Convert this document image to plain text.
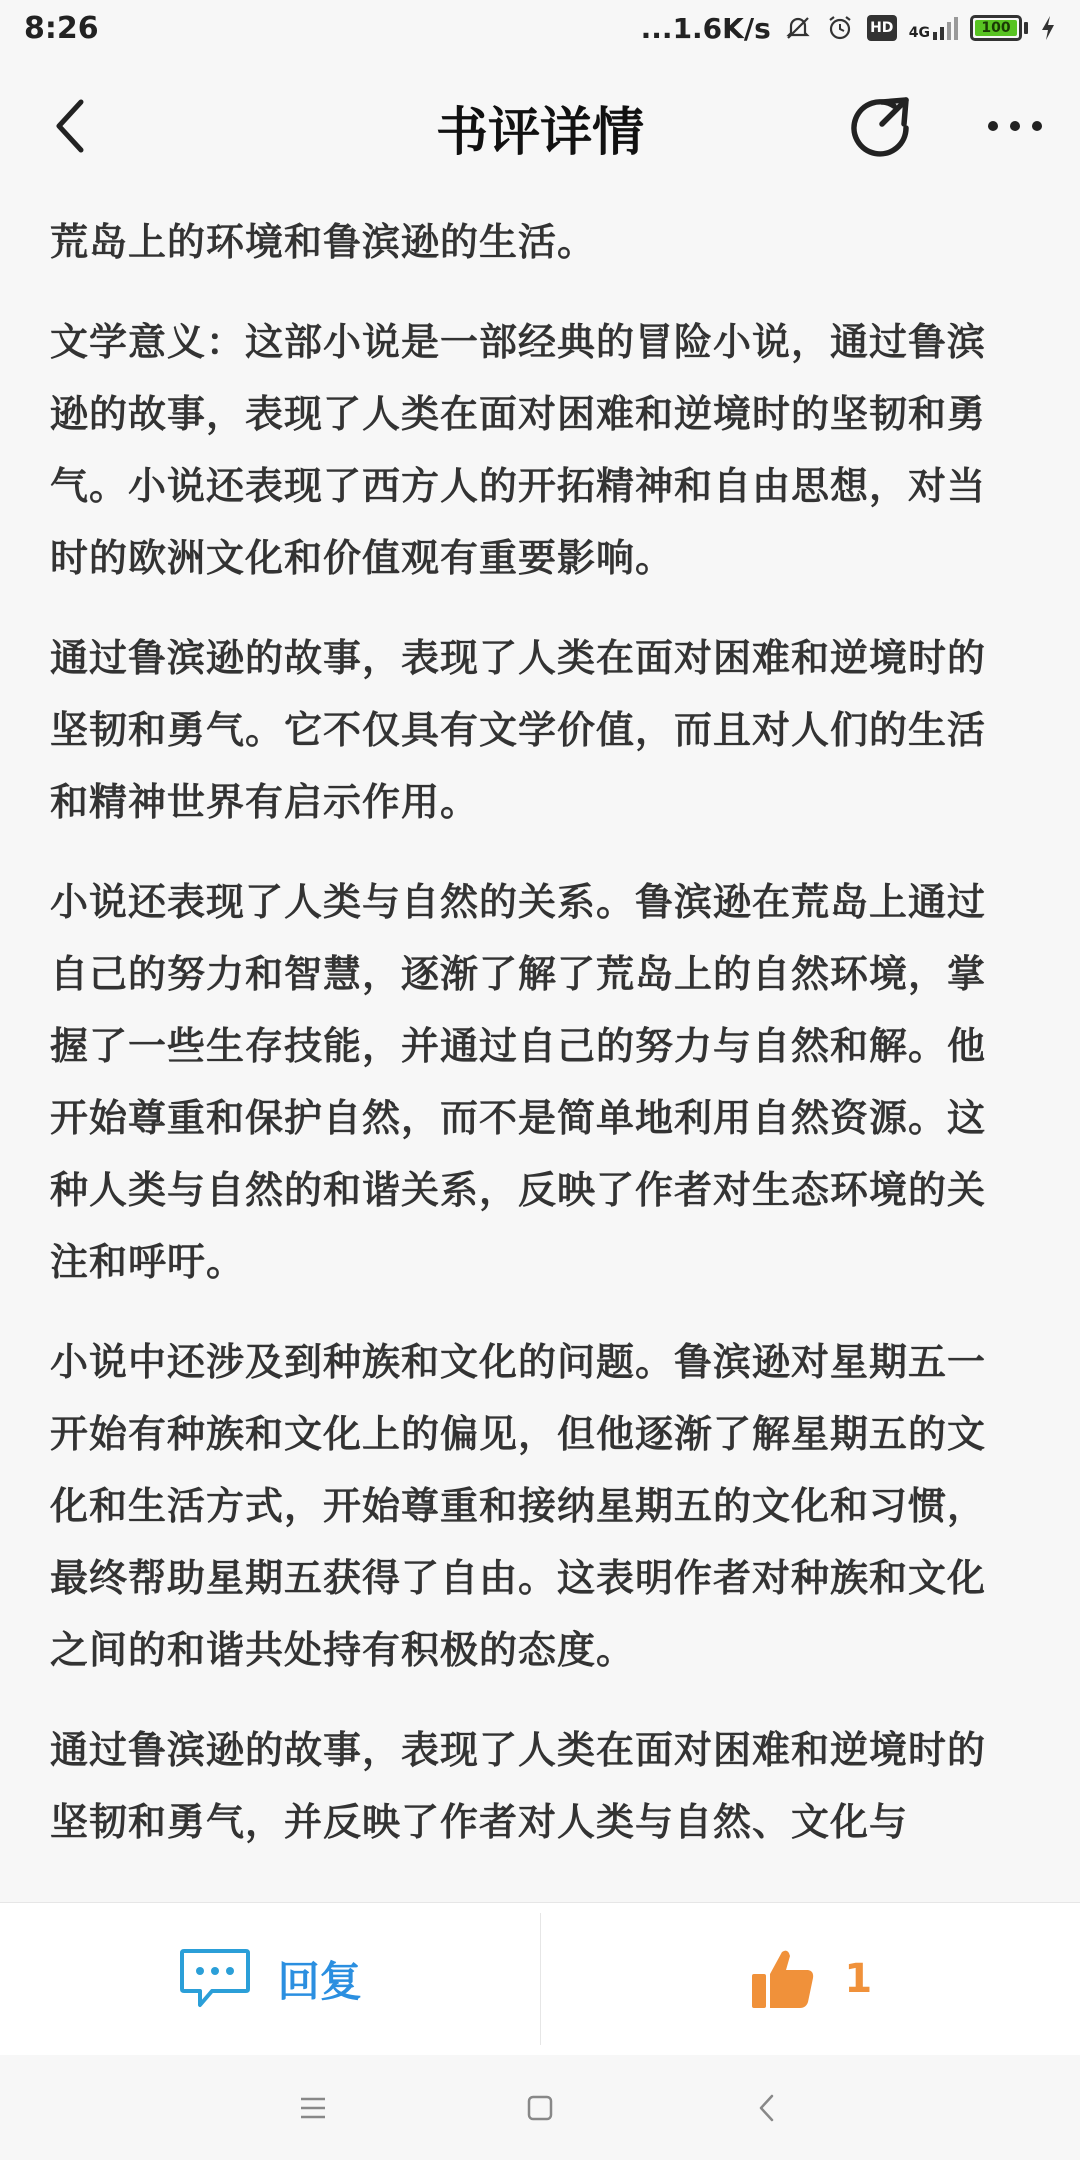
8:26	...1.6K/s	HD 4G	100
书评详情

荒岛上的环境和鲁滨逊的生活。

文学意义：这部小说是一部经典的冒险小说，通过鲁滨逊的故事，表现了人类在面对困难和逆境时的坚韧和勇气。小说还表现了西方人的开拓精神和自由思想，对当时的欧洲文化和价值观有重要影响。

通过鲁滨逊的故事，表现了人类在面对困难和逆境时的坚韧和勇气。它不仅具有文学价值，而且对人们的生活和精神世界有启示作用。

小说还表现了人类与自然的关系。鲁滨逊在荒岛上通过自己的努力和智慧，逐渐了解了荒岛上的自然环境，掌握了一些生存技能，并通过自己的努力与自然和解。他开始尊重和保护自然，而不是简单地利用自然资源。这种人类与自然的和谐关系，反映了作者对生态环境的关注和呼吁。

小说中还涉及到种族和文化的问题。鲁滨逊对星期五一开始有种族和文化上的偏见，但他逐渐了解星期五的文化和生活方式，开始尊重和接纳星期五的文化和习惯，最终帮助星期五获得了自由。这表明作者对种族和文化之间的和谐共处持有积极的态度。

通过鲁滨逊的故事，表现了人类在面对困难和逆境时的坚韧和勇气，并反映了作者对人类与自然、文化与

回复	1
